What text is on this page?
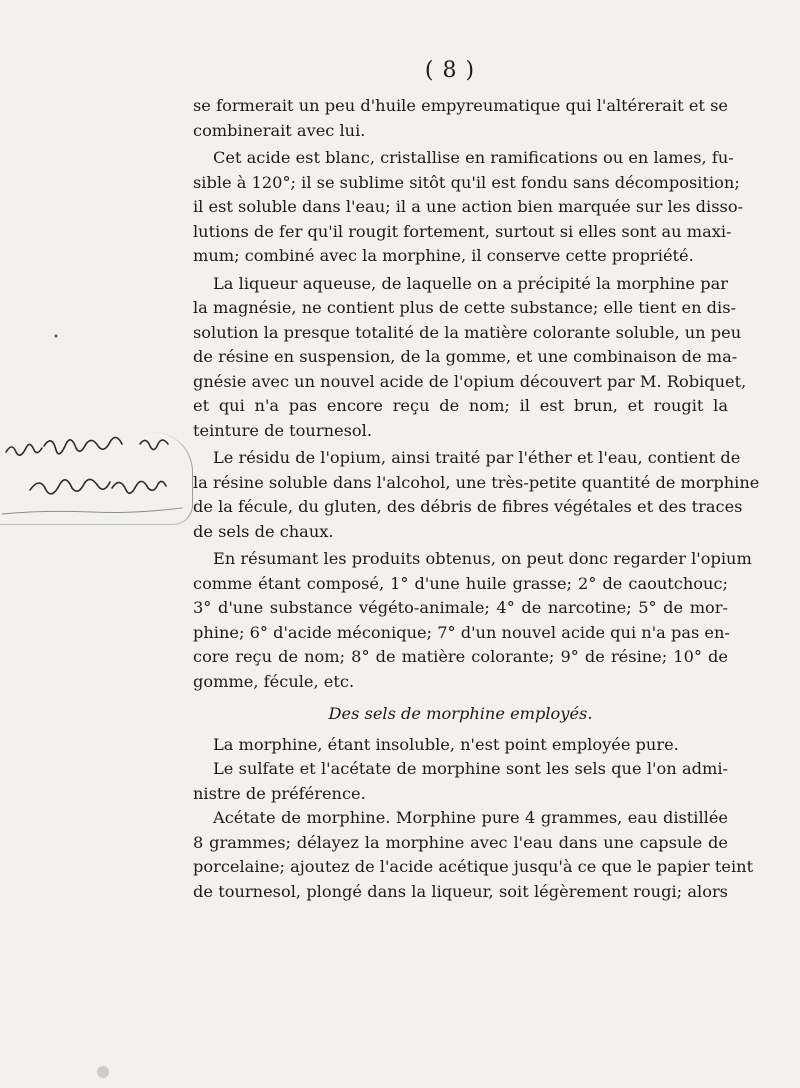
( 8 )
se formerait un peu d'huile empyreumatique qui l'altérerait et se
combinerait avec lui.
Cet acide est blanc, cristallise en ramifications ou en lames, fu-
sible à 120°; il se sublime sitôt qu'il est fondu sans décomposition;
il est soluble dans l'eau; il a une action bien marquée sur les disso-
lutions de fer qu'il rougit fortement, surtout si elles sont au maxi-
mum; combiné avec la morphine, il conserve cette propriété.
La liqueur aqueuse, de laquelle on a précipité la morphine par
la magnésie, ne contient plus de cette substance; elle tient en dis-
solution la presque totalité de la matière colorante soluble, un peu
de résine en suspension, de la gomme, et une combinaison de ma-
gnésie avec un nouvel acide de l'opium découvert par M. Robiquet,
et qui n'a pas encore reçu de nom; il est brun, et rougit la
teinture de tournesol.
Le résidu de l'opium, ainsi traité par l'éther et l'eau, contient de
la résine soluble dans l'alcohol, une très-petite quantité de morphine
de la fécule, du gluten, des débris de fibres végétales et des traces
de sels de chaux.
En résumant les produits obtenus, on peut donc regarder l'opium
comme étant composé, 1° d'une huile grasse; 2° de caoutchouc;
3° d'une substance végéto-animale; 4° de narcotine; 5° de mor-
phine; 6° d'acide méconique; 7° d'un nouvel acide qui n'a pas en-
core reçu de nom; 8° de matière colorante; 9° de résine; 10° de
gomme, fécule, etc.
Des sels de morphine employés.
La morphine, étant insoluble, n'est point employée pure.
Le sulfate et l'acétate de morphine sont les sels que l'on admi-
nistre de préférence.
Acétate de morphine. Morphine pure 4 grammes, eau distillée
8 grammes; délayez la morphine avec l'eau dans une capsule de
porcelaine; ajoutez de l'acide acétique jusqu'à ce que le papier teint
de tournesol, plongé dans la liqueur, soit légèrement rougi; alors
